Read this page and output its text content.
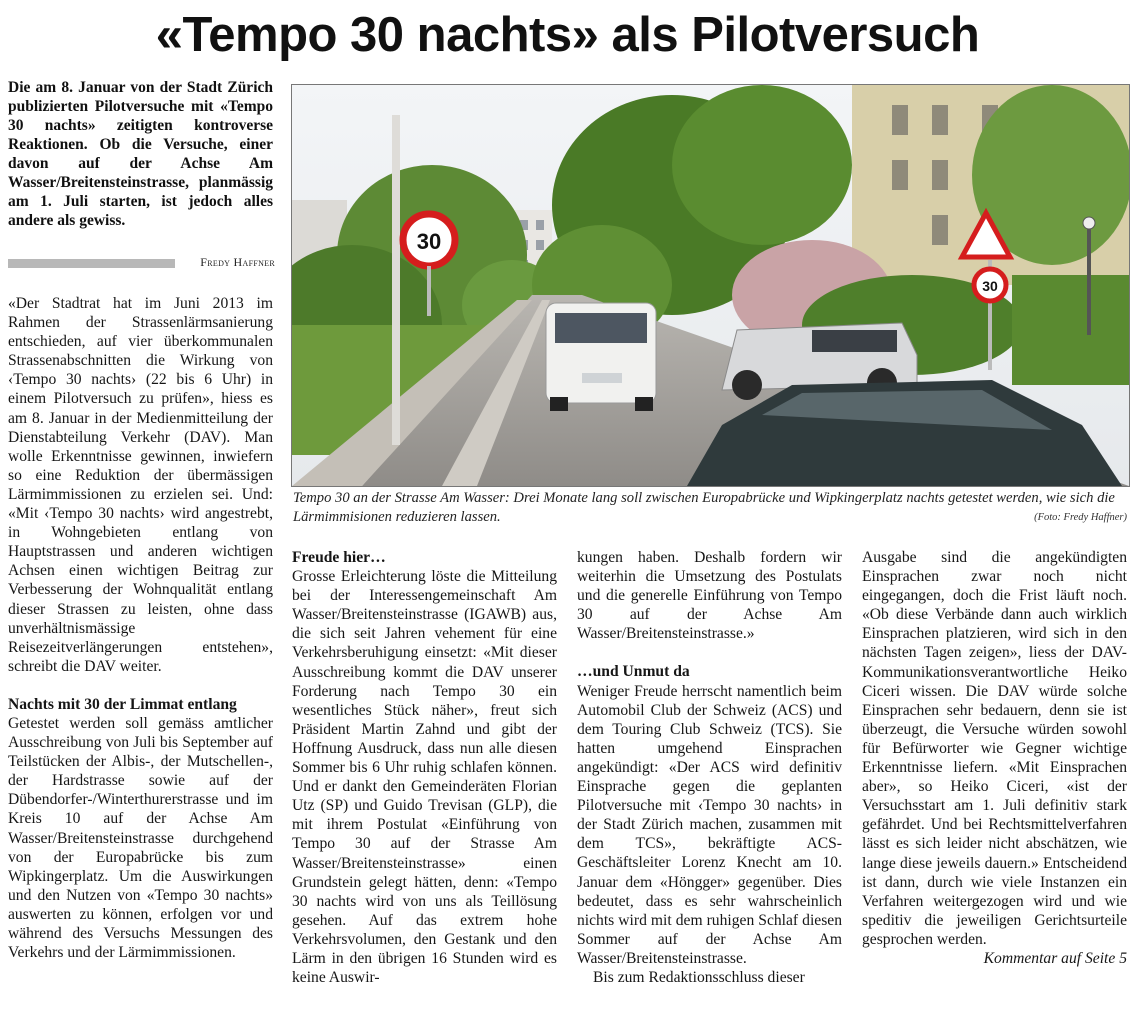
«Tempo 30 nachts» als Pilotversuch
Die am 8. Januar von der Stadt Zürich publizierten Pilotversuche mit «Tempo 30 nachts» zeitigten kontroverse Reaktionen. Ob die Versuche, einer davon auf der Achse Am Wasser/Breitensteinstrasse, planmässig am 1. Juli starten, ist jedoch alles andere als gewiss.
Fredy Haffner
30
30
Tempo 30 an der Strasse Am Wasser: Drei Monate lang soll zwischen Europabrücke und Wipkingerplatz nachts getestet werden, wie sich die Lärmimmisionen reduzieren lassen.	(Foto: Fredy Haffner)

«Der Stadtrat hat im Juni 2013 im Rahmen der Strassenlärmsanierung entschieden, auf vier überkommunalen Strassenabschnitten die Wirkung von ‹Tempo 30 nachts› (22 bis 6 Uhr) in einem Pilotversuch zu prüfen», hiess es am 8. Januar in der Medienmitteilung der Dienstabteilung Verkehr (DAV). Man wolle Erkenntnisse gewinnen, inwiefern so eine Reduktion der übermässigen Lärmimmissionen zu erzielen sei. Und: «Mit ‹Tempo 30 nachts› wird angestrebt, in Wohngebieten entlang von Hauptstrassen und anderen wichtigen Achsen einen wichtigen Beitrag zur Verbesserung der Wohnqualität entlang dieser Strassen zu leisten, ohne dass unverhältnismässige Reisezeitverlängerungen entstehen», schreibt die DAV weiter.

Nachts mit 30 der Limmat entlang

Getestet werden soll gemäss amtlicher Ausschreibung von Juli bis September auf Teilstücken der Albis-, der Mutschellen-, der Hardstrasse sowie auf der Dübendorfer-/Winterthurerstrasse und im Kreis 10 auf der Achse Am Wasser/Breitensteinstrasse durchgehend von der Europabrücke bis zum Wipkingerplatz. Um die Auswirkungen und den Nutzen von «Tempo 30 nachts» auswerten zu können, erfolgen vor und während des Versuchs Messungen des Verkehrs und der Lärmimmissionen.

Freude hier…

Grosse Erleichterung löste die Mitteilung bei der Interessengemeinschaft Am Wasser/Breitensteinstrasse (IGAWB) aus, die sich seit Jahren vehement für eine Verkehrsberuhigung einsetzt: «Mit dieser Ausschreibung kommt die DAV unserer Forderung nach Tempo 30 ein wesentliches Stück näher», freut sich Präsident Martin Zahnd und gibt der Hoffnung Ausdruck, dass nun alle diesen Sommer bis 6 Uhr ruhig schlafen können. Und er dankt den Gemeinderäten Florian Utz (SP) und Guido Trevisan (GLP), die mit ihrem Postulat «Einführung von Tempo 30 auf der Strasse Am Wasser/Breitensteinstrasse» einen Grundstein gelegt hätten, denn: «Tempo 30 nachts wird von uns als Teillösung gesehen. Auf das extrem hohe Verkehrsvolumen, den Gestank und den Lärm in den übrigen 16 Stunden wird es keine Auswir-

kungen haben. Deshalb fordern wir weiterhin die Umsetzung des Postulats und die generelle Einführung von Tempo 30 auf der Achse Am Wasser/Breitensteinstrasse.»

…und Unmut da

Weniger Freude herrscht namentlich beim Automobil Club der Schweiz (ACS) und dem Touring Club Schweiz (TCS). Sie hatten umgehend Einsprachen angekündigt: «Der ACS wird definitiv Einsprache gegen die geplanten Pilotversuche mit ‹Tempo 30 nachts› in der Stadt Zürich machen, zusammen mit dem TCS», bekräftigte ACS-Geschäftsleiter Lorenz Knecht am 10. Januar dem «Höngger» gegenüber. Dies bedeutet, dass es sehr wahrscheinlich nichts wird mit dem ruhigen Schlaf diesen Sommer auf der Achse Am Wasser/Breitensteinstrasse.

Bis zum Redaktionsschluss dieser

Ausgabe sind die angekündigten Einsprachen zwar noch nicht eingegangen, doch die Frist läuft noch. «Ob diese Verbände dann auch wirklich Einsprachen platzieren, wird sich in den nächsten Tagen zeigen», liess der DAV-Kommunikationsverantwortliche Heiko Ciceri wissen. Die DAV würde solche Einsprachen sehr bedauern, denn sie ist überzeugt, die Versuche würden sowohl für Befürworter wie Gegner wichtige Erkenntnisse liefern. «Mit Einsprachen aber», so Heiko Ciceri, «ist der Versuchsstart am 1. Juli definitiv stark gefährdet. Und bei Rechtsmittelverfahren lässt es sich leider nicht abschätzen, wie lange diese jeweils dauern.» Entscheidend ist dann, durch wie viele Instanzen ein Verfahren weitergezogen wird und wie speditiv die jeweiligen Gerichtsurteile gesprochen werden.

Kommentar auf Seite 5
